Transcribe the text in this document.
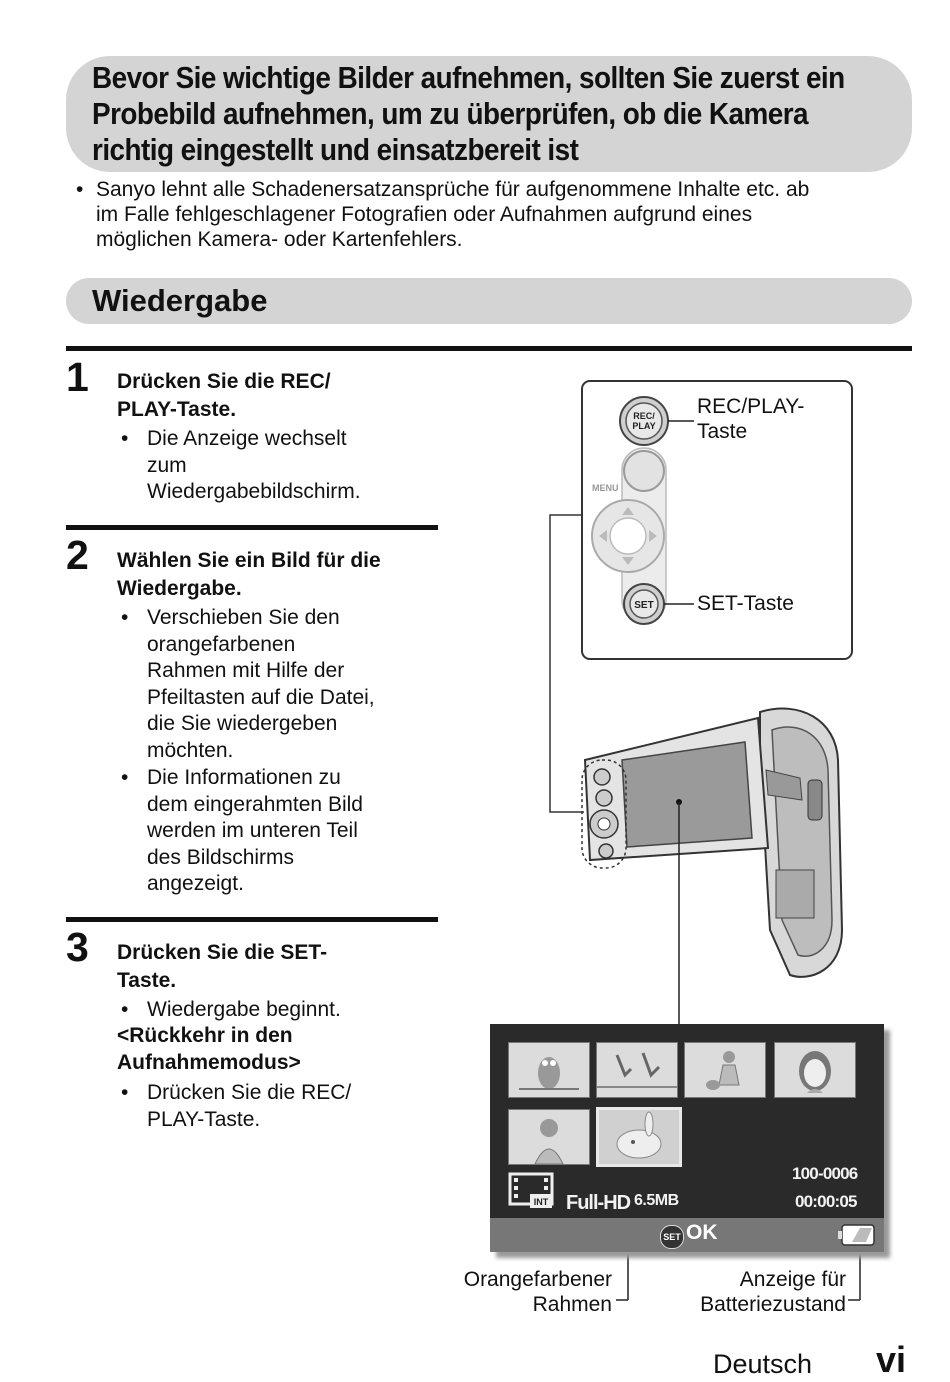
Bevor Sie wichtige Bilder aufnehmen, sollten Sie zuerst ein
Probebild aufnehmen, um zu überprüfen, ob die Kamera
richtig eingestellt und einsatzbereit ist
• Sanyo lehnt alle Schadenersatzansprüche für aufgenommene Inhalte etc. ab
im Falle fehlgeschlagener Fotografien oder Aufnahmen aufgrund eines
möglichen Kamera- oder Kartenfehlers.
Wiedergabe
1 Drücken Sie die REC/
PLAY-Taste.
• Die Anzeige wechselt
zum
Wiedergabebildschirm.
2 Wählen Sie ein Bild für die
Wiedergabe.
• Verschieben Sie den
orangefarbenen
Rahmen mit Hilfe der
Pfeiltasten auf die Datei,
die Sie wiedergeben
möchten.
• Die Informationen zu
dem eingerahmten Bild
werden im unteren Teil
des Bildschirms
angezeigt.
3 Drücken Sie die SET-
Taste.
• Wiedergabe beginnt.
<Rückkehr in den
Aufnahmemodus>
• Drücken Sie die REC/
PLAY-Taste.
REC/
PLAY
MENU
SET
INT Full-HD 6.5MB
100-0006
00:00:05
SET OK
REC/PLAY-
Taste
SET-Taste
Orangefarbener
Rahmen
Anzeige für
Batteriezustand
Deutsch vi
